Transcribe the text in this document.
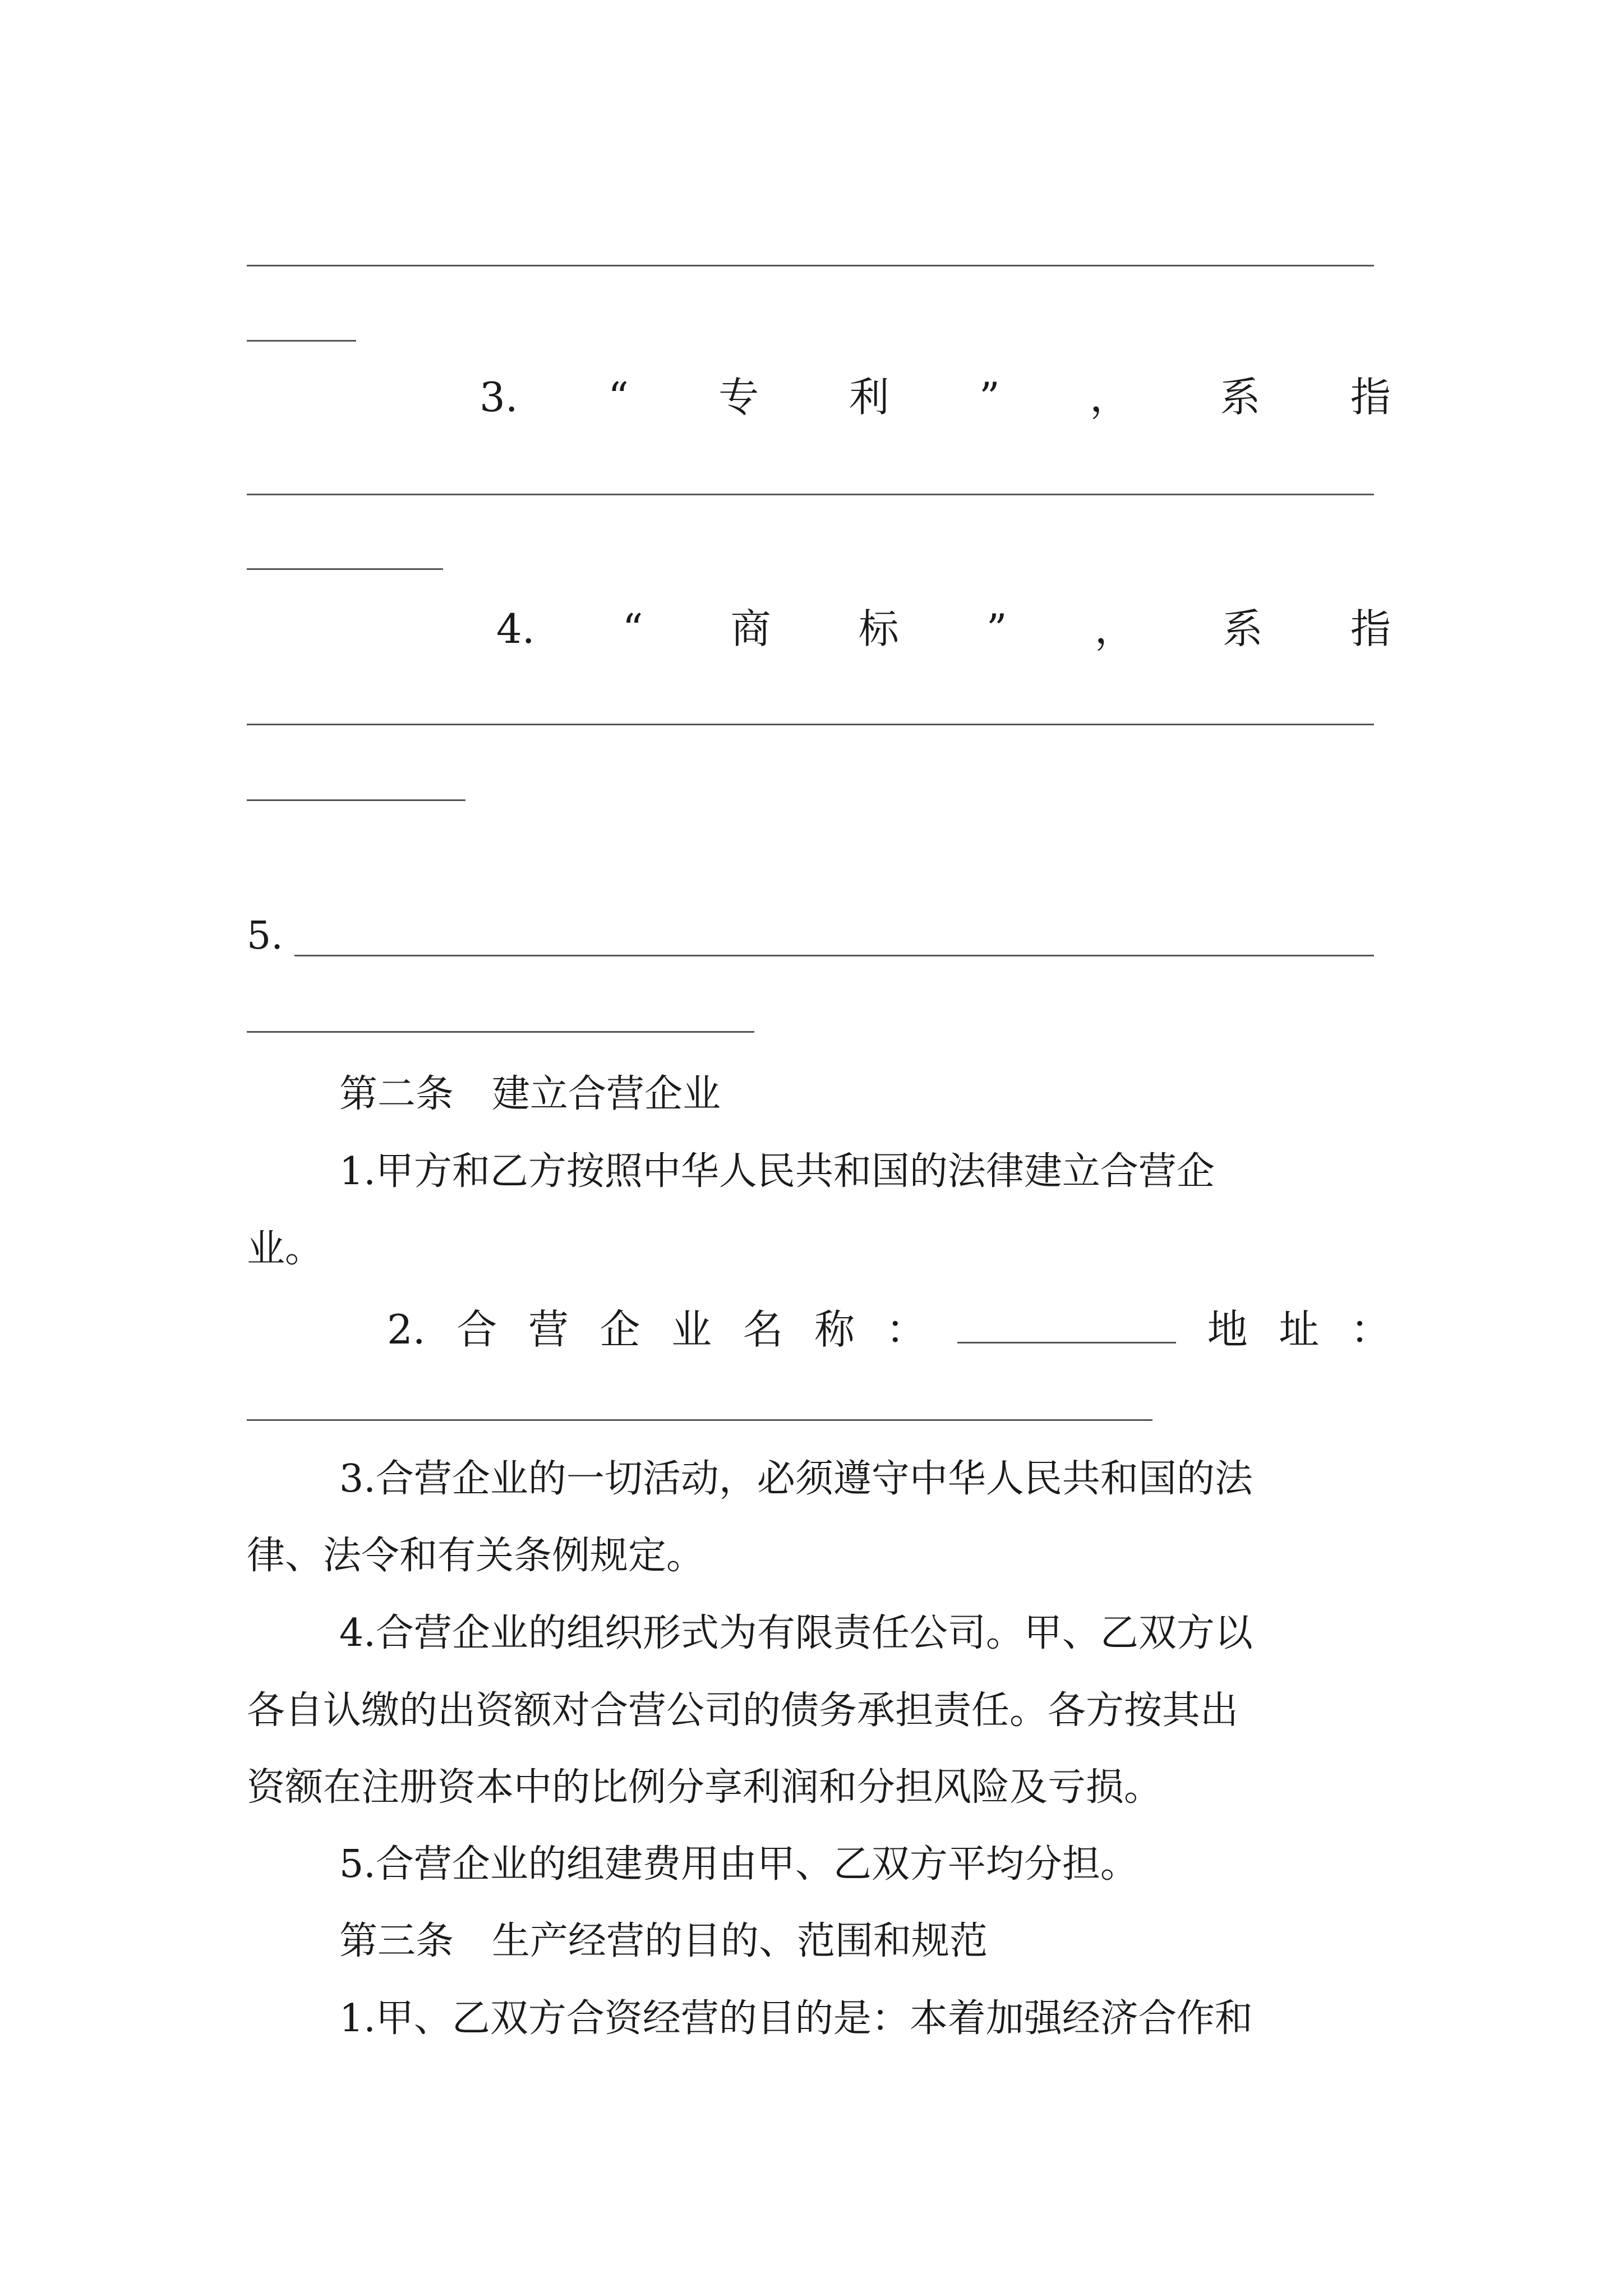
3. “ 专 利 ” ， 系 指
4. “ 商 标 ” ， 系 指
5.
第二条　建立合营企业
1.甲方和乙方按照中华人民共和国的法律建立合营企
业。
2. 合 营 企 业 名 称 ：	地 址 ：
3.合营企业的一切活动，必须遵守中华人民共和国的法
律、法令和有关条例规定。
4.合营企业的组织形式为有限责任公司。甲、乙双方以
各自认缴的出资额对合营公司的债务承担责任。各方按其出
资额在注册资本中的比例分享利润和分担风险及亏损。
5.合营企业的组建费用由甲、乙双方平均分担。
第三条　生产经营的目的、范围和规范
1.甲、乙双方合资经营的目的是：本着加强经济合作和
